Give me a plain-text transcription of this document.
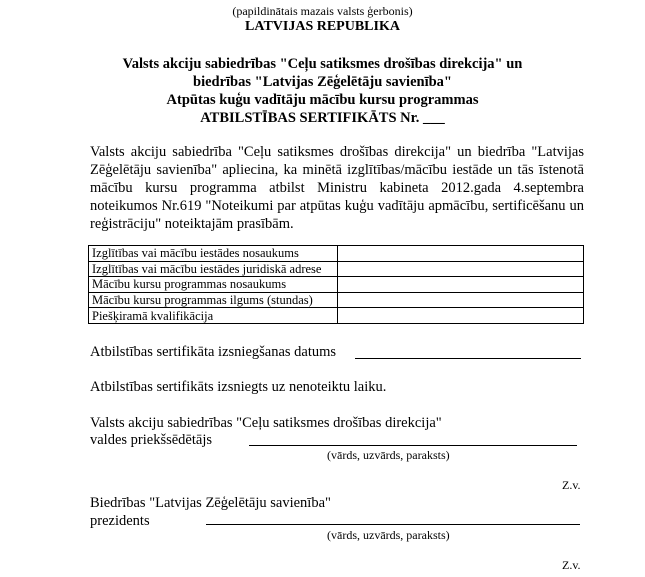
(papildinātais mazais valsts ģerbonis)
LATVIJAS REPUBLIKA
Valsts akciju sabiedrības "Ceļu satiksmes drošības direkcija" un
biedrības "Latvijas Zēģelētāju savienība"
Atpūtas kuģu vadītāju mācību kursu programmas
ATBILSTĪBAS SERTIFIKĀTS Nr. ___
Valsts akciju sabiedrība "Ceļu satiksmes drošības direkcija" un biedrība "Latvijas Zēģelētāju savienība" apliecina, ka minētā izglītības/mācību iestāde un tās īstenotā mācību kursu programma atbilst Ministru kabineta 2012.gada 4.septembra noteikumos Nr.619 "Noteikumi par atpūtas kuģu vadītāju apmācību, sertificēšanu un reģistrāciju" noteiktajām prasībām.
Izglītības vai mācību iestādes nosaukums	
Izglītības vai mācību iestādes juridiskā adrese	
Mācību kursu programmas nosaukums	
Mācību kursu programmas ilgums (stundas)	
Piešķiramā kvalifikācija	
Atbilstības sertifikāta izsniegšanas datums
Atbilstības sertifikāts izsniegts uz nenoteiktu laiku.
Valsts akciju sabiedrības "Ceļu satiksmes drošības direkcija"
valdes priekšsēdētājs
(vārds, uzvārds, paraksts)
Z.v.
Biedrības "Latvijas Zēģelētāju savienība"
prezidents
(vārds, uzvārds, paraksts)
Z.v.
